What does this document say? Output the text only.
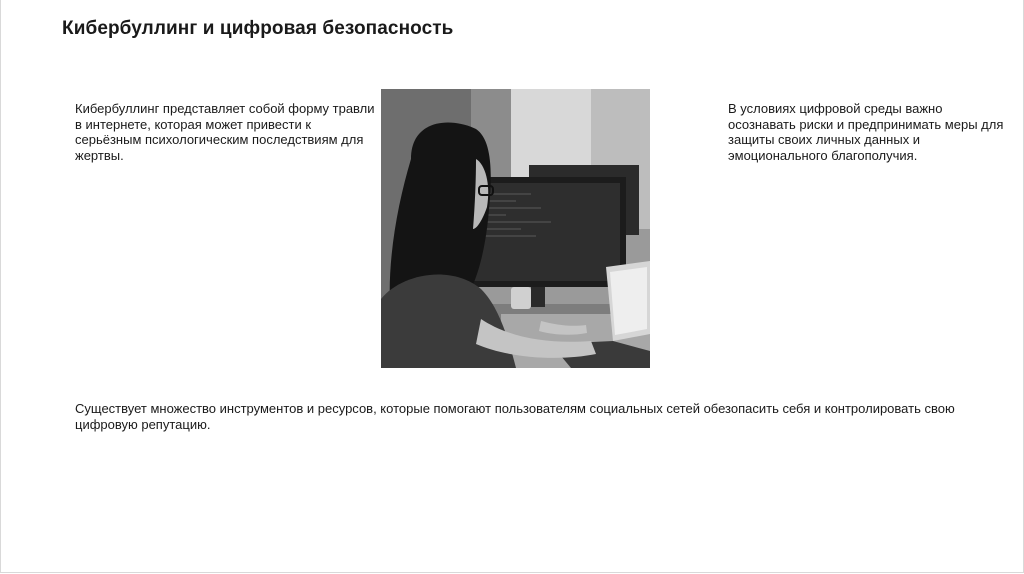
Кибербуллинг и цифровая безопасность
Кибербуллинг представляет собой форму травли в интернете, которая может привести к серьёзным психологическим последствиям для жертвы.
В условиях цифровой среды важно осознавать риски и предпринимать меры для защиты своих личных данных и эмоционального благополучия.
Существует множество инструментов и ресурсов, которые помогают пользователям социальных сетей обезопасить себя и контролировать свою цифровую репутацию.
